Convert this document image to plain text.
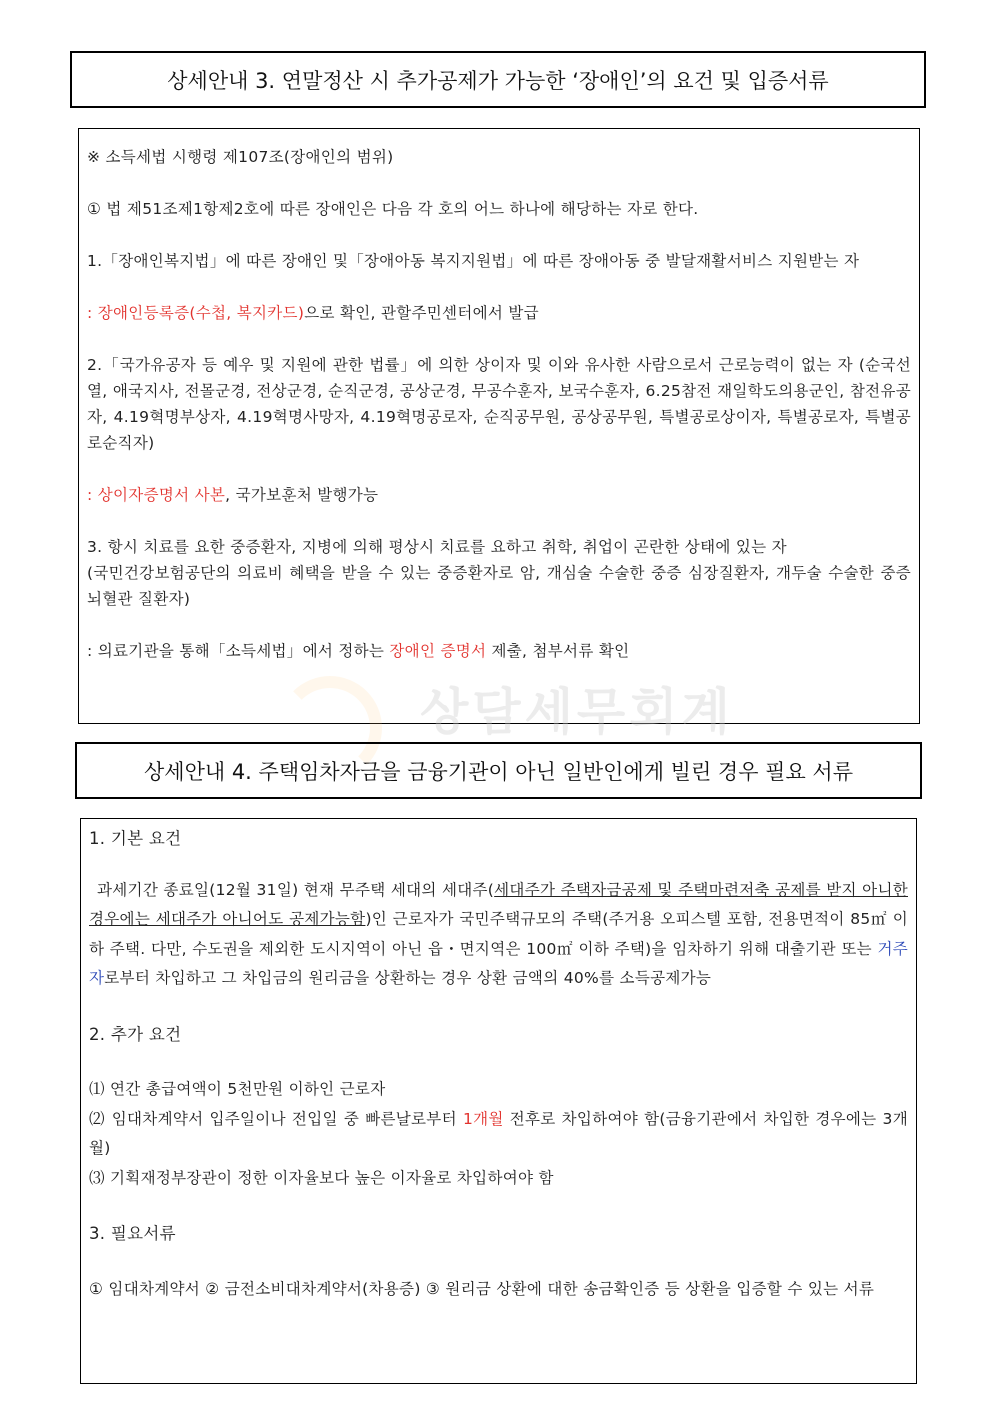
상세안내 3. 연말정산 시 추가공제가 가능한 ‘장애인’의 요건 및 입증서류

※ 소득세법 시행령 제107조(장애인의 범위)

① 법 제51조제1항제2호에 따른 장애인은 다음 각 호의 어느 하나에 해당하는 자로 한다.

1.「장애인복지법」에 따른 장애인 및「장애아동 복지지원법」에 따른 장애아동 중 발달재활서비스 지원받는 자

: 장애인등록증(수첩, 복지카드)으로 확인, 관할주민센터에서 발급

2.「국가유공자 등 예우 및 지원에 관한 법률」에 의한 상이자 및 이와 유사한 사람으로서 근로능력이 없는 자 (순국선열, 애국지사, 전몰군경, 전상군경, 순직군경, 공상군경, 무공수훈자, 보국수훈자, 6.25참전 재일학도의용군인, 참전유공자, 4.19혁명부상자, 4.19혁명사망자, 4.19혁명공로자, 순직공무원, 공상공무원, 특별공로상이자, 특별공로자, 특별공로순직자)

: 상이자증명서 사본, 국가보훈처 발행가능

3. 항시 치료를 요한 중증환자, 지병에 의해 평상시 치료를 요하고 취학, 취업이 곤란한 상태에 있는 자

(국민건강보험공단의 의료비 혜택을 받을 수 있는 중증환자로 암, 개심술 수술한 중증 심장질환자, 개두술 수술한 중증 뇌혈관 질환자)

: 의료기관을 통해「소득세법」에서 정하는 장애인 증명서 제출, 첨부서류 확인

상담세무회계
상세안내 4. 주택임차자금을 금융기관이 아닌 일반인에게 빌린 경우 필요 서류

1. 기본 요건

과세기간 종료일(12월 31일) 현재 무주택 세대의 세대주(세대주가 주택자금공제 및 주택마련저축 공제를 받지 아니한 경우에는 세대주가 아니어도 공제가능함)인 근로자가 국민주택규모의 주택(주거용 오피스텔 포함, 전용면적이 85㎡ 이하 주택. 다만, 수도권을 제외한 도시지역이 아닌 읍・면지역은 100㎡ 이하 주택)을 임차하기 위해 대출기관 또는 거주자로부터 차입하고 그 차입금의 원리금을 상환하는 경우 상환 금액의 40%를 소득공제가능

2. 추가 요건

⑴ 연간 총급여액이 5천만원 이하인 근로자

⑵ 임대차계약서 입주일이나 전입일 중 빠른날로부터 1개월 전후로 차입하여야 함(금융기관에서 차입한 경우에는 3개월)

⑶ 기획재정부장관이 정한 이자율보다 높은 이자율로 차입하여야 함

3. 필요서류

① 임대차계약서 ② 금전소비대차계약서(차용증) ③ 원리금 상환에 대한 송금확인증 등 상환을 입증할 수 있는 서류
